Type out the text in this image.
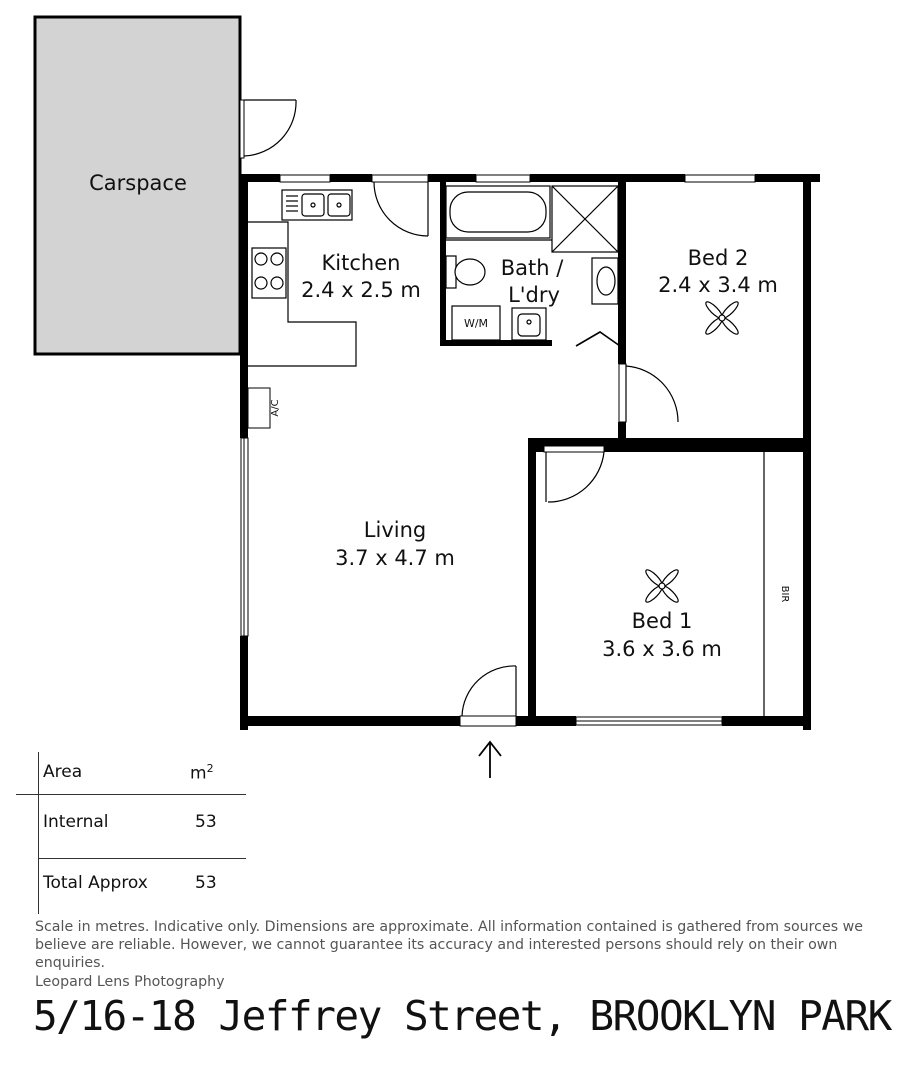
Carspace
Kitchen
2.4 x 2.5 m
W/M
Bath /
L'dry
Bed 2
2.4 x 3.4 m
BIR
Bed 1
3.6 x 3.6 m
A/C
Living
3.7 x 4.7 m
Area	$m^2$
Internal	53
Total Approx	53
Scale in metres. Indicative only. Dimensions are approximate. All information contained is gathered from sources we believe are reliable. However, we cannot guarantee its accuracy and interested persons should rely on their own enquiries.
Leopard Lens Photography
5/16-18 Jeffrey Street, BROOKLYN PARK
